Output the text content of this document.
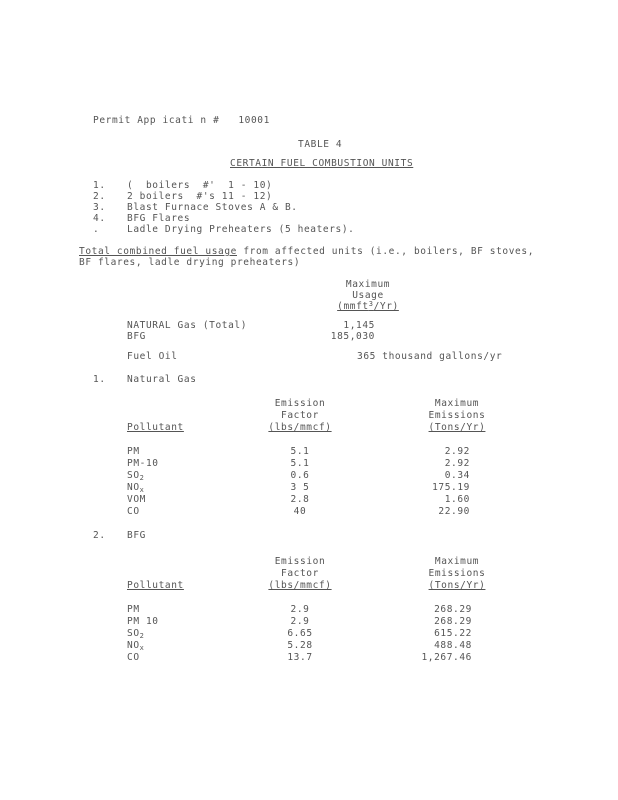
Permit App icati n #   10001
TABLE 4
CERTAIN FUEL COMBUSTION UNITS
1. (  boilers  #'  1 - 10)
2. 2 boilers  #'s 11 - 12)
3. Blast Furnace Stoves A & B.
4. BFG Flares
.	Ladle Drying Preheaters (5 heaters).
Total combined fuel usage from affected units (i.e., boilers, BF stoves,
BF flares, ladle drying preheaters)
Maximum
Usage
(mmft$^3$/Yr)
NATURAL Gas (Total)	1,145
BFG	185,030
Fuel Oil	365 thousand gallons/yr
1. Natural Gas
Emission
Factor
(lbs/mmcf)
Maximum
Emissions
(Tons/Yr)
Pollutant
PM	5.1	2.92
PM-10	5.1	2.92
$SO_2$	0.6	0.34
$NO_x$	3 5	175.19
VOM	2.8	1.60
CO	40	22.90
2. BFG
Emission
Factor
(lbs/mmcf)
Maximum
Emissions
(Tons/Yr)
Pollutant
PM	2.9	268.29
PM 10	2.9	268.29
$SO_2$	6.65	615.22
$NO_x$	5.28	488.48
CO	13.7	1,267.46
